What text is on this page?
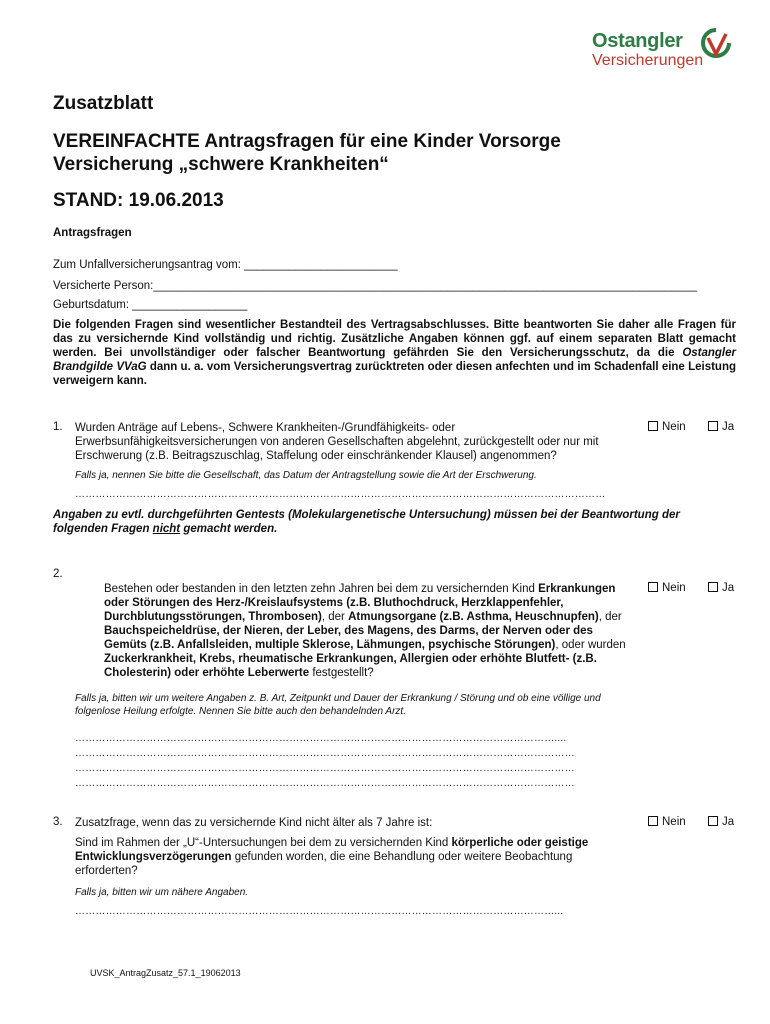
Ostangler
Versicherungen
Zusatzblatt
VEREINFACHTE Antragsfragen für eine Kinder Vorsorge Versicherung „schwere Krankheiten“
STAND: 19.06.2013
Antragsfragen
Zum Unfallversicherungsantrag vom: ________________________
Versicherte Person:_____________________________________________________________________________________
Geburtsdatum: __________________
Die folgenden Fragen sind wesentlicher Bestandteil des Vertragsabschlusses. Bitte beantworten Sie daher alle Fragen für das zu versichernde Kind vollständig und richtig. Zusätzliche Angaben können ggf. auf einem separaten Blatt gemacht werden. Bei unvollständiger oder falscher Beantwortung gefährden Sie den Versicherungsschutz, da die Ostangler Brandgilde VVaG dann u. a. vom Versicherungsvertrag zurücktreten oder diesen anfechten und im Schadenfall eine Leistung verweigern kann.
1. Wurden Anträge auf Lebens-, Schwere Krankheiten-/Grundfähigkeits- oder Erwerbsunfähigkeitsversicherungen von anderen Gesellschaften abgelehnt, zurückgestellt oder nur mit Erschwerung (z.B. Beitragszuschlag, Staffelung oder einschränkender Klausel) angenommen?
Nein	Ja
Falls ja, nennen Sie bitte die Gesellschaft, das Datum der Antragstellung sowie die Art der Erschwerung.
…………………………………………………………………………………………………………………………………………
Angaben zu evtl. durchgeführten Gentests (Molekulargenetische Untersuchung) müssen bei der Beantwortung der folgenden Fragen nicht gemacht werden.
2.
Bestehen oder bestanden in den letzten zehn Jahren bei dem zu versichernden Kind Erkrankungen oder Störungen des Herz-/Kreislaufsystems (z.B. Bluthochdruck, Herzklappenfehler, Durchblutungsstörungen, Thrombosen), der Atmungsorgane (z.B. Asthma, Heuschnupfen), der Bauchspeicheldrüse, der Nieren, der Leber, des Magens, des Darms, der Nerven oder des Gemüts (z.B. Anfallsleiden, multiple Sklerose, Lähmungen, psychische Störungen), oder wurden Zuckerkrankheit, Krebs, rheumatische Erkrankungen, Allergien oder erhöhte Blutfett- (z.B. Cholesterin) oder erhöhte Leberwerte festgestellt?
Nein	Ja
Falls ja, bitten wir um weitere Angaben z. B. Art, Zeitpunkt und Dauer der Erkrankung / Störung und ob eine völlige und folgenlose Heilung erfolgte. Nennen Sie bitte auch den behandelnden Arzt.
……………………………………………………………………………………………………………………………....
…………………………………………………………………………………………………………………………………
…………………………………………………………………………………………………………………………………
…………………………………………………………………………………………………………………………………
3. Zusatzfrage, wenn das zu versichernde Kind nicht älter als 7 Jahre ist:	Nein	Ja
Sind im Rahmen der „U“-Untersuchungen bei dem zu versichernden Kind körperliche oder geistige Entwicklungsverzögerungen gefunden worden, die eine Behandlung oder weitere Beobachtung erforderten?
Falls ja, bitten wir um nähere Angaben.
……………………………………………………………………………………………………………………………...
UVSK_AntragZusatz_57.1_19062013
